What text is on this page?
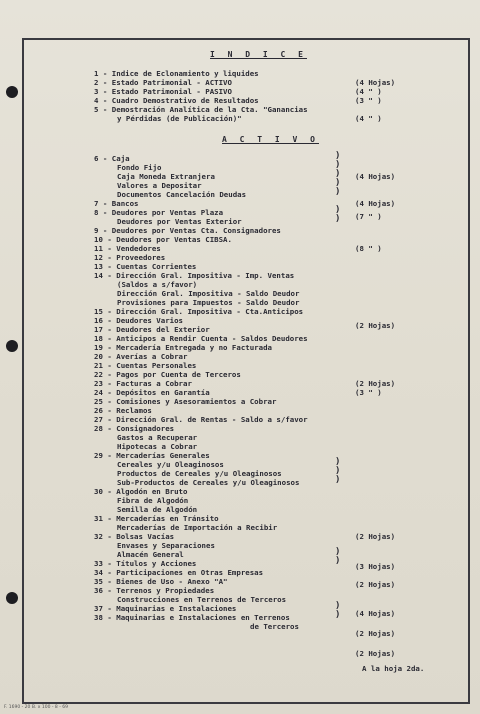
I N D I C E
A C T I V O
1 - Indice de Eclonamiento y liquides
2 - Estado Patrimonial - ACTIVO
3 - Estado Patrimonial - PASIVO
4 - Cuadro Demostrativo de Resultados
5 - Demostración Analítica de la Cta. "Ganancias
y Pérdidas (de Publicación)"
6 - Caja
Fondo Fijo
Caja Moneda Extranjera
Valores a Depositar
Documentos Cancelación Deudas
7 - Bancos
8 - Deudores por Ventas Plaza
Deudores por Ventas Exterior
9 - Deudores por Ventas Cta. Consignadores
10 - Deudores por Ventas CIBSA.
11 - Vendedores
12 - Proveedores
13 - Cuentas Corrientes
14 - Dirección Gral. Impositiva - Imp. Ventas
(Saldos a s/favor)
Dirección Gral. Impositiva - Saldo Deudor
Provisiones para Impuestos - Saldo Deudor
15 - Dirección Gral. Impositiva - Cta.Anticipos
16 - Deudores Varios
17 - Deudores del Exterior
18 - Anticipos a Rendir Cuenta - Saldos Deudores
19 - Mercadería Entregada y no Facturada
20 - Averías a Cobrar
21 - Cuentas Personales
22 - Pagos por Cuenta de Terceros
23 - Facturas a Cobrar
24 - Depósitos en Garantía
25 - Comisiones y Asesoramientos a Cobrar
26 - Reclamos
27 - Dirección Gral. de Rentas - Saldo a s/favor
28 - Consignadores
Gastos a Recuperar
Hipotecas a Cobrar
29 - Mercaderías Generales
Cereales y/u Oleaginosos
Productos de Cereales y/u Oleaginosos
Sub-Productos de Cereales y/u Oleaginosos
30 - Algodón en Bruto
Fibra de Algodón
Semilla de Algodón
31 - Mercaderías en Tránsito
Mercaderías de Importación a Recibir
32 - Bolsas Vacías
Envases y Separaciones
Almacén General
33 - Títulos y Acciones
34 - Participaciones en Otras Empresas
35 - Bienes de Uso - Anexo "A"
36 - Terrenos y Propiedades
Construcciones en Terrenos de Terceros
37 - Maquinarias e Instalaciones
38 - Maquinarias e Instalaciones en Terrenos
de Terceros
(4 Hojas)
(4 " )
(3 " )
(4 " )
(4 Hojas)
(4 Hojas)
(7 " )
(8 " )
(2 Hojas)
(2 Hojas)
(3 " )
(2 Hojas)
(3 Hojas)
(2 Hojas)
(4 Hojas)
(2 Hojas)
(2 Hojas)
)
)
)
)
)
)
)
)
)
)
)
)
)
)
A la hoja 2da.
F. 1690 - 20 B. x 100 - 8 - 69
